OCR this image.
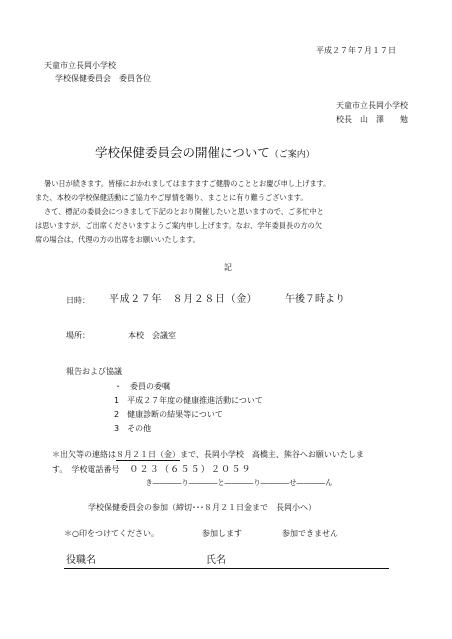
平成２７年７月１７日
天童市立長岡小学校
学校保健委員会　委員各位
天童市立長岡小学校
校長　山　澤　　勉
学校保健委員会の開催について（ご案内）
暑い日が続きます。皆様におかれましてはますますご健勝のこととお慶び申し上げます。
また、本校の学校保健活動にご協力やご厚情を賜り、まことに有り難うございます。
さて、標記の委員会につきまして下記のとおり開催したいと思いますので、ご多忙中と
は思いますが、ご出席くださいますようご案内申し上げます。なお、学年委員長の方の欠
席の場合は、代理の方の出席をお願いいたします。
記
日時： 平成２７年　８月２８日（金）	午後７時より
場所：	本校　会議室
報告および協議
・　委員の委嘱
1　平成２７年度の健康推進活動について
2　健康診断の結果等について
3　その他
＊出欠等の連絡は８月２１日（金）まで、長岡小学校　高橋主、熊谷へお願いいたしま
す。　学校電話番号 ０２３（６５５）２０５９
き――――り――――と――――り――――せ――――ん
学校保健委員会の参加（締切･･･８月２１日金まで　長岡小へ）
＊○印をつけてください。	参加します	参加できません
役職名	氏名
